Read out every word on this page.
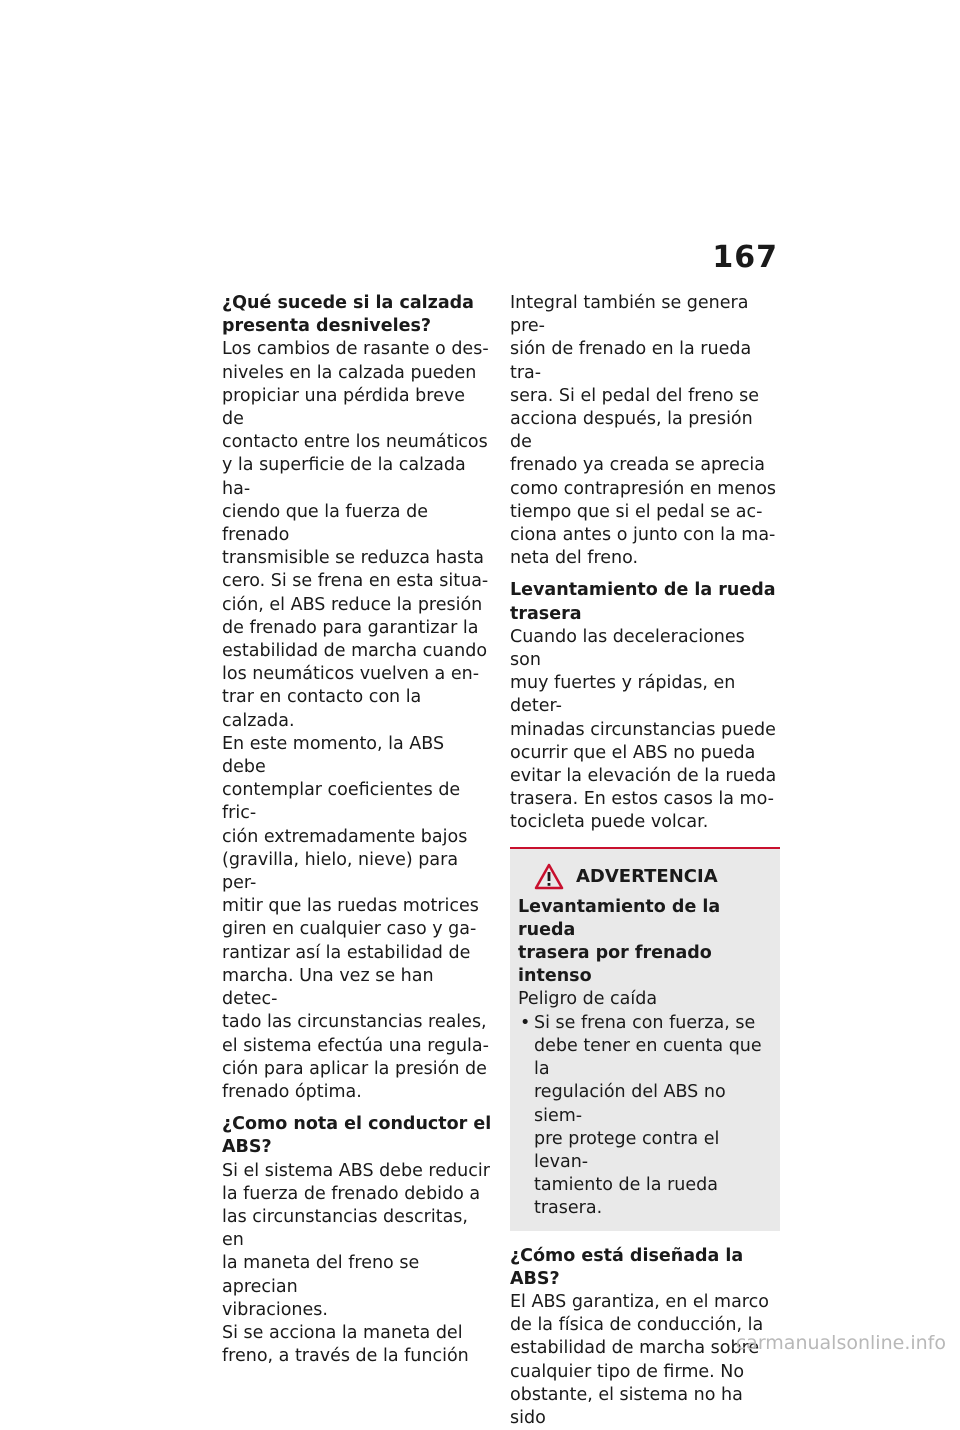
167

¿Qué sucede si la calzada
presenta desniveles?

Los cambios de rasante o des-
niveles en la calzada pueden
propiciar una pérdida breve de
contacto entre los neumáticos
y la superficie de la calzada ha-
ciendo que la fuerza de frenado
transmisible se reduzca hasta
cero. Si se frena en esta situa-
ción, el ABS reduce la presión
de frenado para garantizar la
estabilidad de marcha cuando
los neumáticos vuelven a en-
trar en contacto con la calzada.
En este momento, la ABS debe
contemplar coeficientes de fric-
ción extremadamente bajos
(gravilla, hielo, nieve) para per-
mitir que las ruedas motrices
giren en cualquier caso y ga-
rantizar así la estabilidad de
marcha. Una vez se han detec-
tado las circunstancias reales,
el sistema efectúa una regula-
ción para aplicar la presión de
frenado óptima.

¿Como nota el conductor el
ABS?

Si el sistema ABS debe reducir
la fuerza de frenado debido a
las circunstancias descritas, en
la maneta del freno se aprecian
vibraciones.
Si se acciona la maneta del
freno, a través de la función

Integral también se genera pre-
sión de frenado en la rueda tra-
sera. Si el pedal del freno se
acciona después, la presión de
frenado ya creada se aprecia
como contrapresión en menos
tiempo que si el pedal se ac-
ciona antes o junto con la ma-
neta del freno.

Levantamiento de la rueda
trasera

Cuando las deceleraciones son
muy fuertes y rápidas, en deter-
minadas circunstancias puede
ocurrir que el ABS no pueda
evitar la elevación de la rueda
trasera. En estos casos la mo-
tocicleta puede volcar.

ADVERTENCIA

Levantamiento de la rueda
trasera por frenado intenso

Peligro de caída

• Si se frena con fuerza, se
debe tener en cuenta que la
regulación del ABS no siem-
pre protege contra el levan-
tamiento de la rueda trasera.

¿Cómo está diseñada la ABS?

El ABS garantiza, en el marco
de la física de conducción, la
estabilidad de marcha sobre
cualquier tipo de firme. No
obstante, el sistema no ha sido

carmanualsonline.info
